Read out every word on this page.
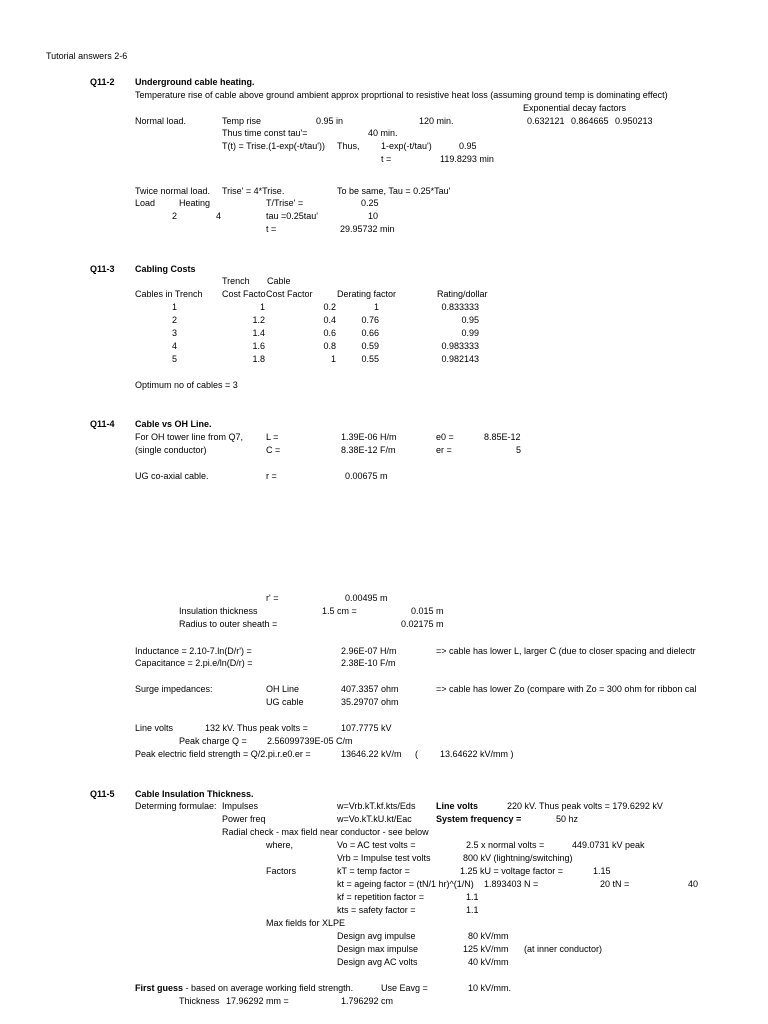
Tutorial answers 2-6
Q11-2 Underground cable heating.
Temperature rise of cable above ground ambient approx proprtional to resistive heat loss (assuming ground temp is dominating effect)
Exponential decay factors
Normal load.	Temp rise	0.95 in	120 min.	0.632121 0.864665 0.950213
Thus time const tau'=	40 min.
T(t) = Trise.(1-exp(-t/tau')) Thus, 1-exp(-t/tau')	0.95
t =	119.8293 min
Twice normal load. Trise' = 4*Trise.	To be same, Tau = 0.25*Tau'
Load	Heating	T/Trise' =	0.25
2	4	tau =0.25tau'	10
t =	29.95732 min
Q11-3 Cabling Costs
Trench Cable
Cables in Trench Cost Facto Cost Factor	Derating factor	Rating/dollar
1	1	0.2	1	0.833333
2	1.2	0.4	0.76	0.95
3	1.4	0.6	0.66	0.99
4	1.6	0.8	0.59	0.983333
5	1.8	1	0.55	0.982143
Optimum no of cables = 3
Q11-4 Cable vs OH Line.
For OH tower line from Q7,	L =	1.39E-06 H/m	e0 =	8.85E-12
(single conductor)	C =	8.38E-12 F/m	er =	5
UG co-axial cable.	r =	0.00675 m
r' =	0.00495 m
Insulation thickness	1.5 cm =	0.015 m
Radius to outer sheath =	0.02175 m
Inductance = 2.10-7.ln(D/r') =	2.96E-07 H/m	=> cable has lower L, larger C (due to closer spacing and dielectr
Capacitance = 2.pi.e/ln(D/r) =	2.38E-10 F/m
Surge impedances:	OH Line	407.3357 ohm	=> cable has lower Zo (compare with Zo = 300 ohm for ribbon cal
UG cable	35.29707 ohm
Line volts	132 kV. Thus peak volts =	107.7775 kV
Peak charge Q = 2.56099739E-05 C/m
Peak electric field strength = Q/2.pi.r.e0.er =	13646.22 kV/m ( 13.64622 kV/mm )
Q11-5 Cable Insulation Thickness.
Determing formulae: Impulses	w=Vrb.kT.kf.kts/Eds Line volts	220 kV. Thus peak volts = 179.6292 kV
Power freq	w=Vo.kT.kU.kt/Eac	System frequency =	50 hz
Radial check - max field near conductor - see below
where,	Vo = AC test volts =	2.5 x normal volts =	449.0731 kV peak
Vrb = Impulse test volts	800 kV (lightning/switching)
Factors	kT = temp factor =	1.25 kU = voltage factor =	1.15
kt = ageing factor = (tN/1 hr)^(1/N) 1.893403 N =	20 tN =	40
kf = repetition factor =	1.1
kts = safety factor =	1.1
Max fields for XLPE
Design avg impulse	80 kV/mm
Design max impulse	125 kV/mm (at inner conductor)
Design avg AC volts	40 kV/mm
First guess - based on average working field strength.	Use Eavg =	10 kV/mm.
Thickness 17.96292 mm =	1.796292 cm
